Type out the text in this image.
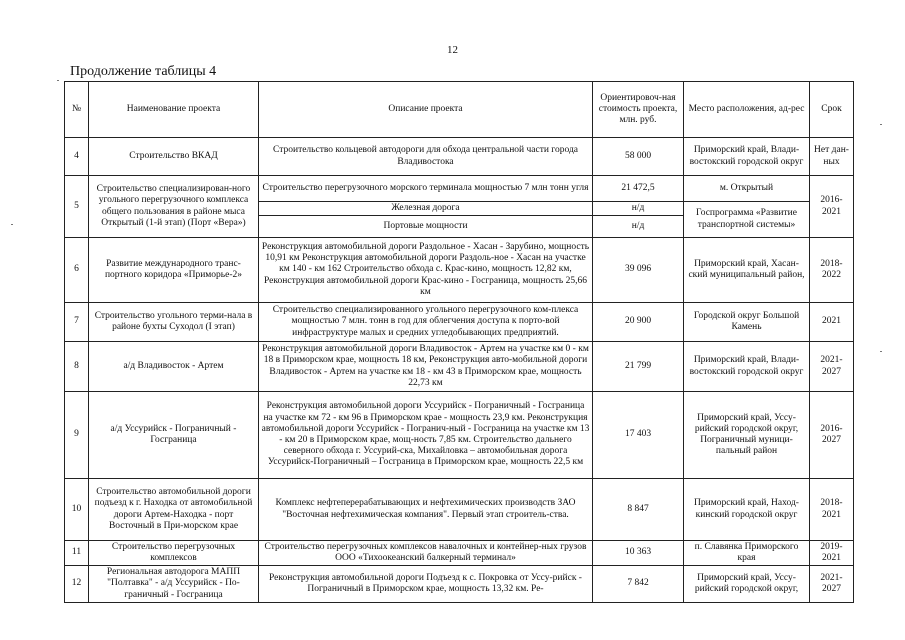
12
Продолжение таблицы 4
№	Наименование проекта	Описание проекта	Ориентировоч-ная стоимость проекта, млн. руб.	Место расположения, ад-рес	Срок
4	Строительство ВКАД	Строительство кольцевой автодороги для обхода центральной части города Владивостока	58 000	Приморский край, Влади-востокский городской округ	Нет дан-ных
5	Строительство специализирован-ного угольного перегрузочного комплекса общего пользования в районе мыса Открытый (1-й этап) (Порт «Вера»)	Строительство перегрузочного морского терминала мощностью 7 млн тонн угля	21 472,5	м. Открытый	2016-2021
		Железная дорога	н/д	Госпрограмма «Развитие транспортной системы»	
		Портовые мощности	н/д		
6	Развитие международного транс-портного коридора «Приморье-2»	Реконструкция автомобильной дороги Раздольное - Хасан - Зарубино, мощность 10,91 км Реконструкция автомобильной дороги Раздоль-ное - Хасан на участке км 140 - км 162 Строительство обхода с. Крас-кино, мощность 12,82 км, Реконструкция автомобильной дороги Крас-кино - Госграница, мощность 25,66 км	39 096	Приморский край, Хасан-ский муниципальный район,	2018-2022
7	Строительство угольного терми-нала в районе бухты Суходол (I этап)	Строительство специализированного угольного перегрузочного ком-плекса мощностью 7 млн. тонн в год для облегчения доступа к порто-вой инфраструктуре малых и средних угледобывающих предприятий.	20 900	Городской округ Большой Камень	2021
8	а/д Владивосток - Артем	Реконструкция автомобильной дороги Владивосток - Артем на участке км 0 - км 18 в Приморском крае, мощность 18 км, Реконструкция авто-мобильной дороги Владивосток - Артем на участке км 18 - км 43 в Приморском крае, мощность 22,73 км	21 799	Приморский край, Влади-востокский городской округ	2021-2027
9	а/д Уссурийск - Пограничный - Госграница	Реконструкция автомобильной дороги Уссурийск - Пограничный - Госграница на участке км 72 - км 96 в Приморском крае - мощность 23,9 км. Реконструкция автомобильной дороги Уссурийск - Погранич-ный - Госграница на участке км 13 - км 20 в Приморском крае, мощ-ность 7,85 км. Строительство дальнего северного обхода г. Уссурий-ска, Михайловка – автомобильная дорога Уссурийск-Пограничный – Госграница в Приморском крае, мощность 22,5 км	17 403	Приморский край, Уссу-рийский городской округ, Пограничный муници-пальный район	2016-2027
10	Строительство автомобильной дороги подъезд к г. Находка от автомобильной дороги Артем-Находка - порт Восточный в При-морском крае	Комплекс нефтеперерабатывающих и нефтехимических производств ЗАО "Восточная нефтехимическая компания". Первый этап строитель-ства.	8 847	Приморский край, Наход-кинский городской округ	2018-2021
11	Строительство перегрузочных комплексов	Строительство перегрузочных комплексов навалочных и контейнер-ных грузов ООО «Тихоокеанский балкерный терминал»	10 363	п. Славянка Приморского края	2019-2021
12	Региональная автодорога МАПП "Полтавка" - а/д Уссурийск - По-граничный - Госграница	Реконструкция автомобильной дороги Подъезд к с. Покровка от Уссу-рийск - Пограничный в Приморском крае, мощность 13,32 км. Ре-	7 842	Приморский край, Уссу-рийский городской округ,	2021-2027
